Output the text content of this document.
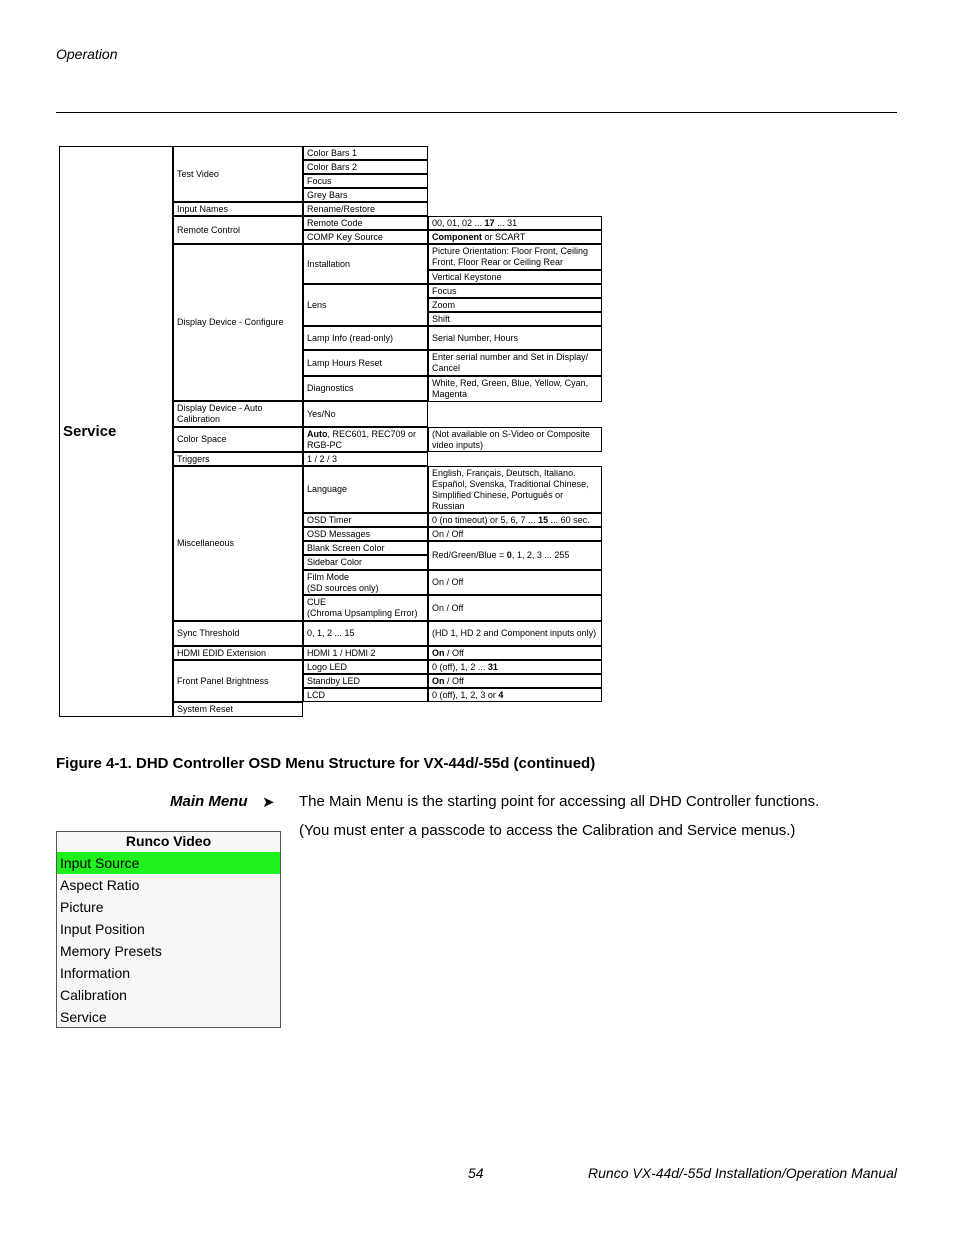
Operation
Service
Test Video
Input Names
Remote Control
Display Device - Configure
Display Device - Auto Calibration
Color Space
Triggers
Miscellaneous
Sync Threshold
HDMI EDID Extension
Front Panel Brightness
System Reset
Color Bars 1
Color Bars 2
Focus
Grey Bars
Rename/Restore
Remote Code
COMP Key Source
Installation
Lens
Lamp Info (read-only)
Lamp Hours Reset
Diagnostics
Yes/No
Auto, REC601, REC709 or RGB-PC
1 / 2 / 3
Language
OSD Timer
OSD Messages
Blank Screen Color
Sidebar Color
Film Mode
(SD sources only)
CUE
(Chroma Upsampling Error)
0, 1, 2 ... 15
HDMI 1 / HDMI 2
Logo LED
Standby LED
LCD
00, 01, 02 ... 17 ... 31
Component or SCART
Picture Orientation: Floor Front, Ceiling Front, Floor Rear or Ceiling Rear
Vertical Keystone
Focus
Zoom
Shift
Serial Number, Hours
Enter serial number and Set in Display/ Cancel
White, Red, Green, Blue, Yellow, Cyan, Magenta
(Not available on S-Video or Composite video inputs)
English, Français, Deutsch, Italiano. Español, Svenska, Traditional Chinese, Simplified Chinese, Português or Russian
0 (no timeout) or 5, 6, 7 ... 15 ... 60 sec.
On / Off
Red/Green/Blue = 0, 1, 2, 3 ... 255
On / Off
On / Off
(HD 1, HD 2 and Component inputs only)
On / Off
0 (off), 1, 2 ... 31
On / Off
0 (off), 1, 2, 3 or 4
Figure 4-1. DHD Controller OSD Menu Structure for VX-44d/-55d (continued)
Main Menu ➤ The Main Menu is the starting point for accessing all DHD Controller functions.
(You must enter a passcode to access the Calibration and Service menus.)
Runco Video
Input Source
Aspect Ratio
Picture
Input Position
Memory Presets
Information
Calibration
Service
54	Runco VX-44d/-55d Installation/Operation Manual
